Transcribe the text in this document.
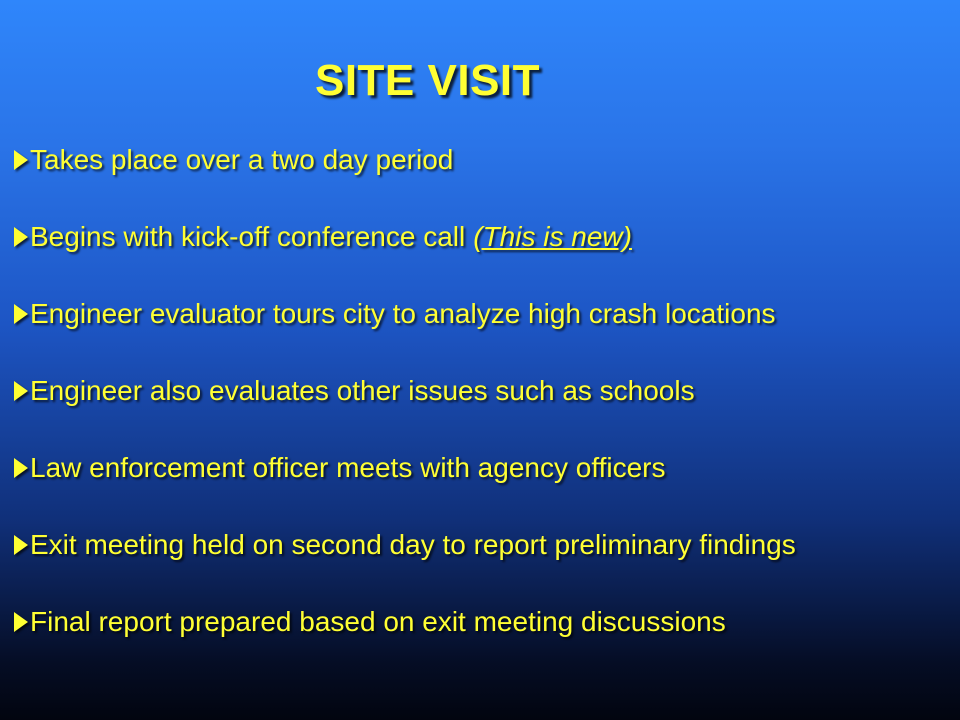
SITE VISIT
Takes place over a two day period
Begins with kick-off conference call (This is new)
Engineer evaluator tours city to analyze high crash locations
Engineer also evaluates other issues such as schools
Law enforcement officer meets with agency officers
Exit meeting held on second day to report preliminary findings
Final report prepared based on exit meeting discussions
